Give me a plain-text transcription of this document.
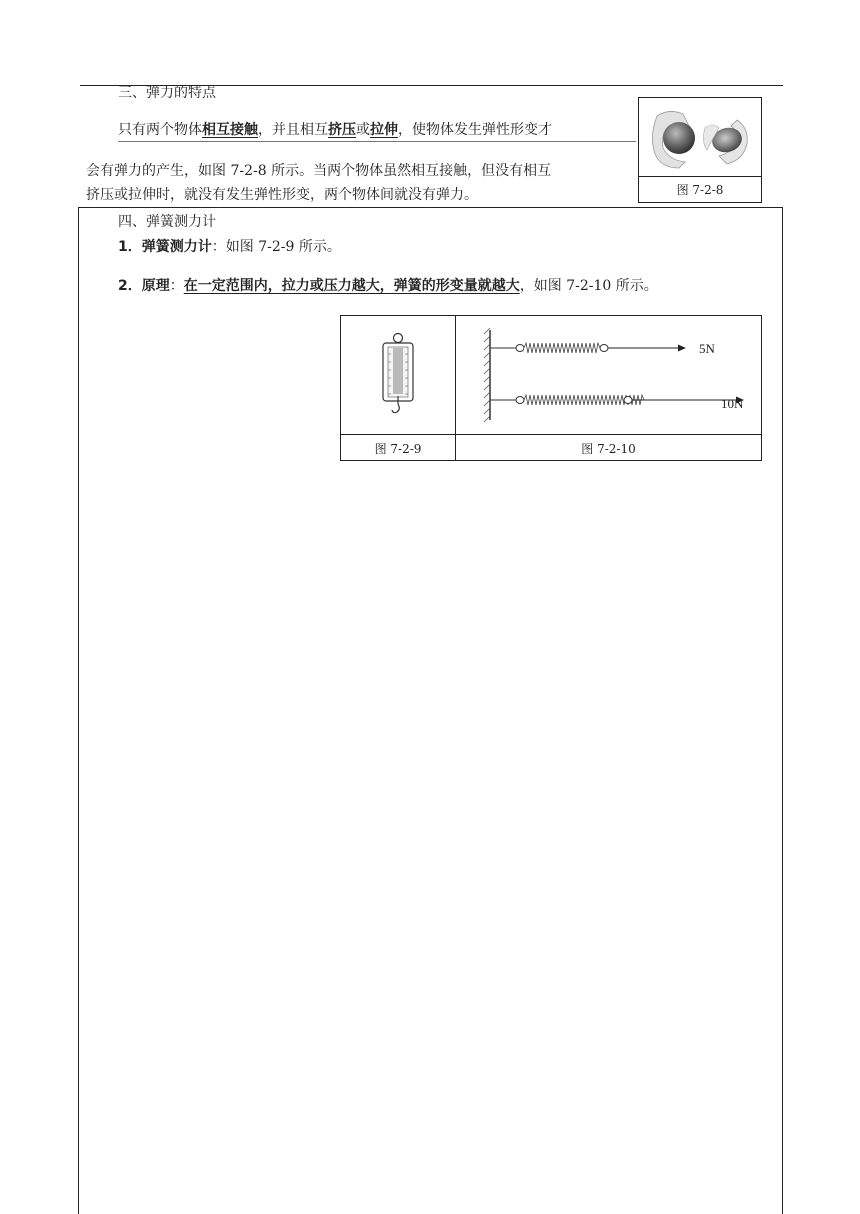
三、弹力的特点
只有两个物体相互接触，并且相互挤压或拉伸，使物体发生弹性形变才
会有弹力的产生，如图 7-2-8 所示。当两个物体虽然相互接触，但没有相互
挤压或拉伸时，就没有发生弹性形变，两个物体间就没有弹力。	图 7-2-8
四、弹簧测力计
1．弹簧测力计：如图 7-2-9 所示。
2．原理：在一定范围内，拉力或压力越大，弹簧的形变量就越大，如图 7-2-10 所示。
5N
10N
图 7-2-9	图 7-2-10
